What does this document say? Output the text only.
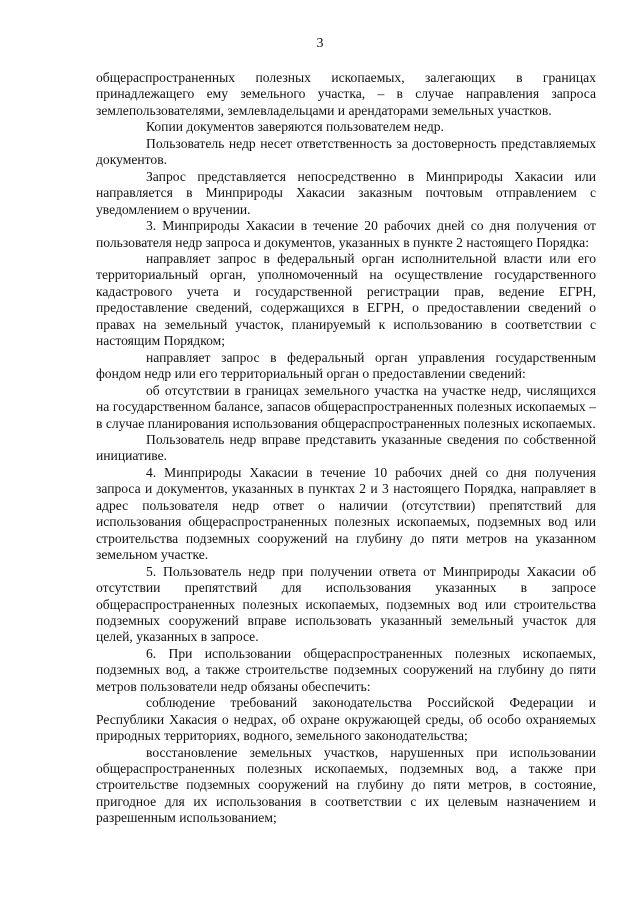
3

общераспространенных полезных ископаемых, залегающих в границах принадлежащего ему земельного участка, – в случае направления запроса землепользователями, землевладельцами и арендаторами земельных участков.

Копии документов заверяются пользователем недр.

Пользователь недр несет ответственность за достоверность представляемых документов.

Запрос представляется непосредственно в Минприроды Хакасии или направляется в Минприроды Хакасии заказным почтовым отправлением с уведомлением о вручении.

3. Минприроды Хакасии в течение 20 рабочих дней со дня получения от пользователя недр запроса и документов, указанных в пункте 2 настоящего Порядка:

направляет запрос в федеральный орган исполнительной власти или его территориальный орган, уполномоченный на осуществление государственного кадастрового учета и государственной регистрации прав, ведение ЕГРН, предоставление сведений, содержащихся в ЕГРН, о предоставлении сведений о правах на земельный участок, планируемый к использованию в соответствии с настоящим Порядком;

направляет запрос в федеральный орган управления государственным фондом недр или его территориальный орган о предоставлении сведений:

об отсутствии в границах земельного участка на участке недр, числящихся на государственном балансе, запасов общераспространенных полезных ископаемых – в случае планирования использования общераспространенных полезных ископаемых.

Пользователь недр вправе представить указанные сведения по собственной инициативе.

4. Минприроды Хакасии в течение 10 рабочих дней со дня получения запроса и документов, указанных в пунктах 2 и 3 настоящего Порядка, направляет в адрес пользователя недр ответ о наличии (отсутствии) препятствий для использования общераспространенных полезных ископаемых, подземных вод или строительства подземных сооружений на глубину до пяти метров на указанном земельном участке.

5. Пользователь недр при получении ответа от Минприроды Хакасии об отсутствии препятствий для использования указанных в запросе общераспространенных полезных ископаемых, подземных вод или строительства подземных сооружений вправе использовать указанный земельный участок для целей, указанных в запросе.

6. При использовании общераспространенных полезных ископаемых, подземных вод, а также строительстве подземных сооружений на глубину до пяти метров пользователи недр обязаны обеспечить:

соблюдение требований законодательства Российской Федерации и Республики Хакасия о недрах, об охране окружающей среды, об особо охраняемых природных территориях, водного, земельного законодательства;

восстановление земельных участков, нарушенных при использовании общераспространенных полезных ископаемых, подземных вод, а также при строительстве подземных сооружений на глубину до пяти метров, в состояние, пригодное для их использования в соответствии с их целевым назначением и разрешенным использованием;
